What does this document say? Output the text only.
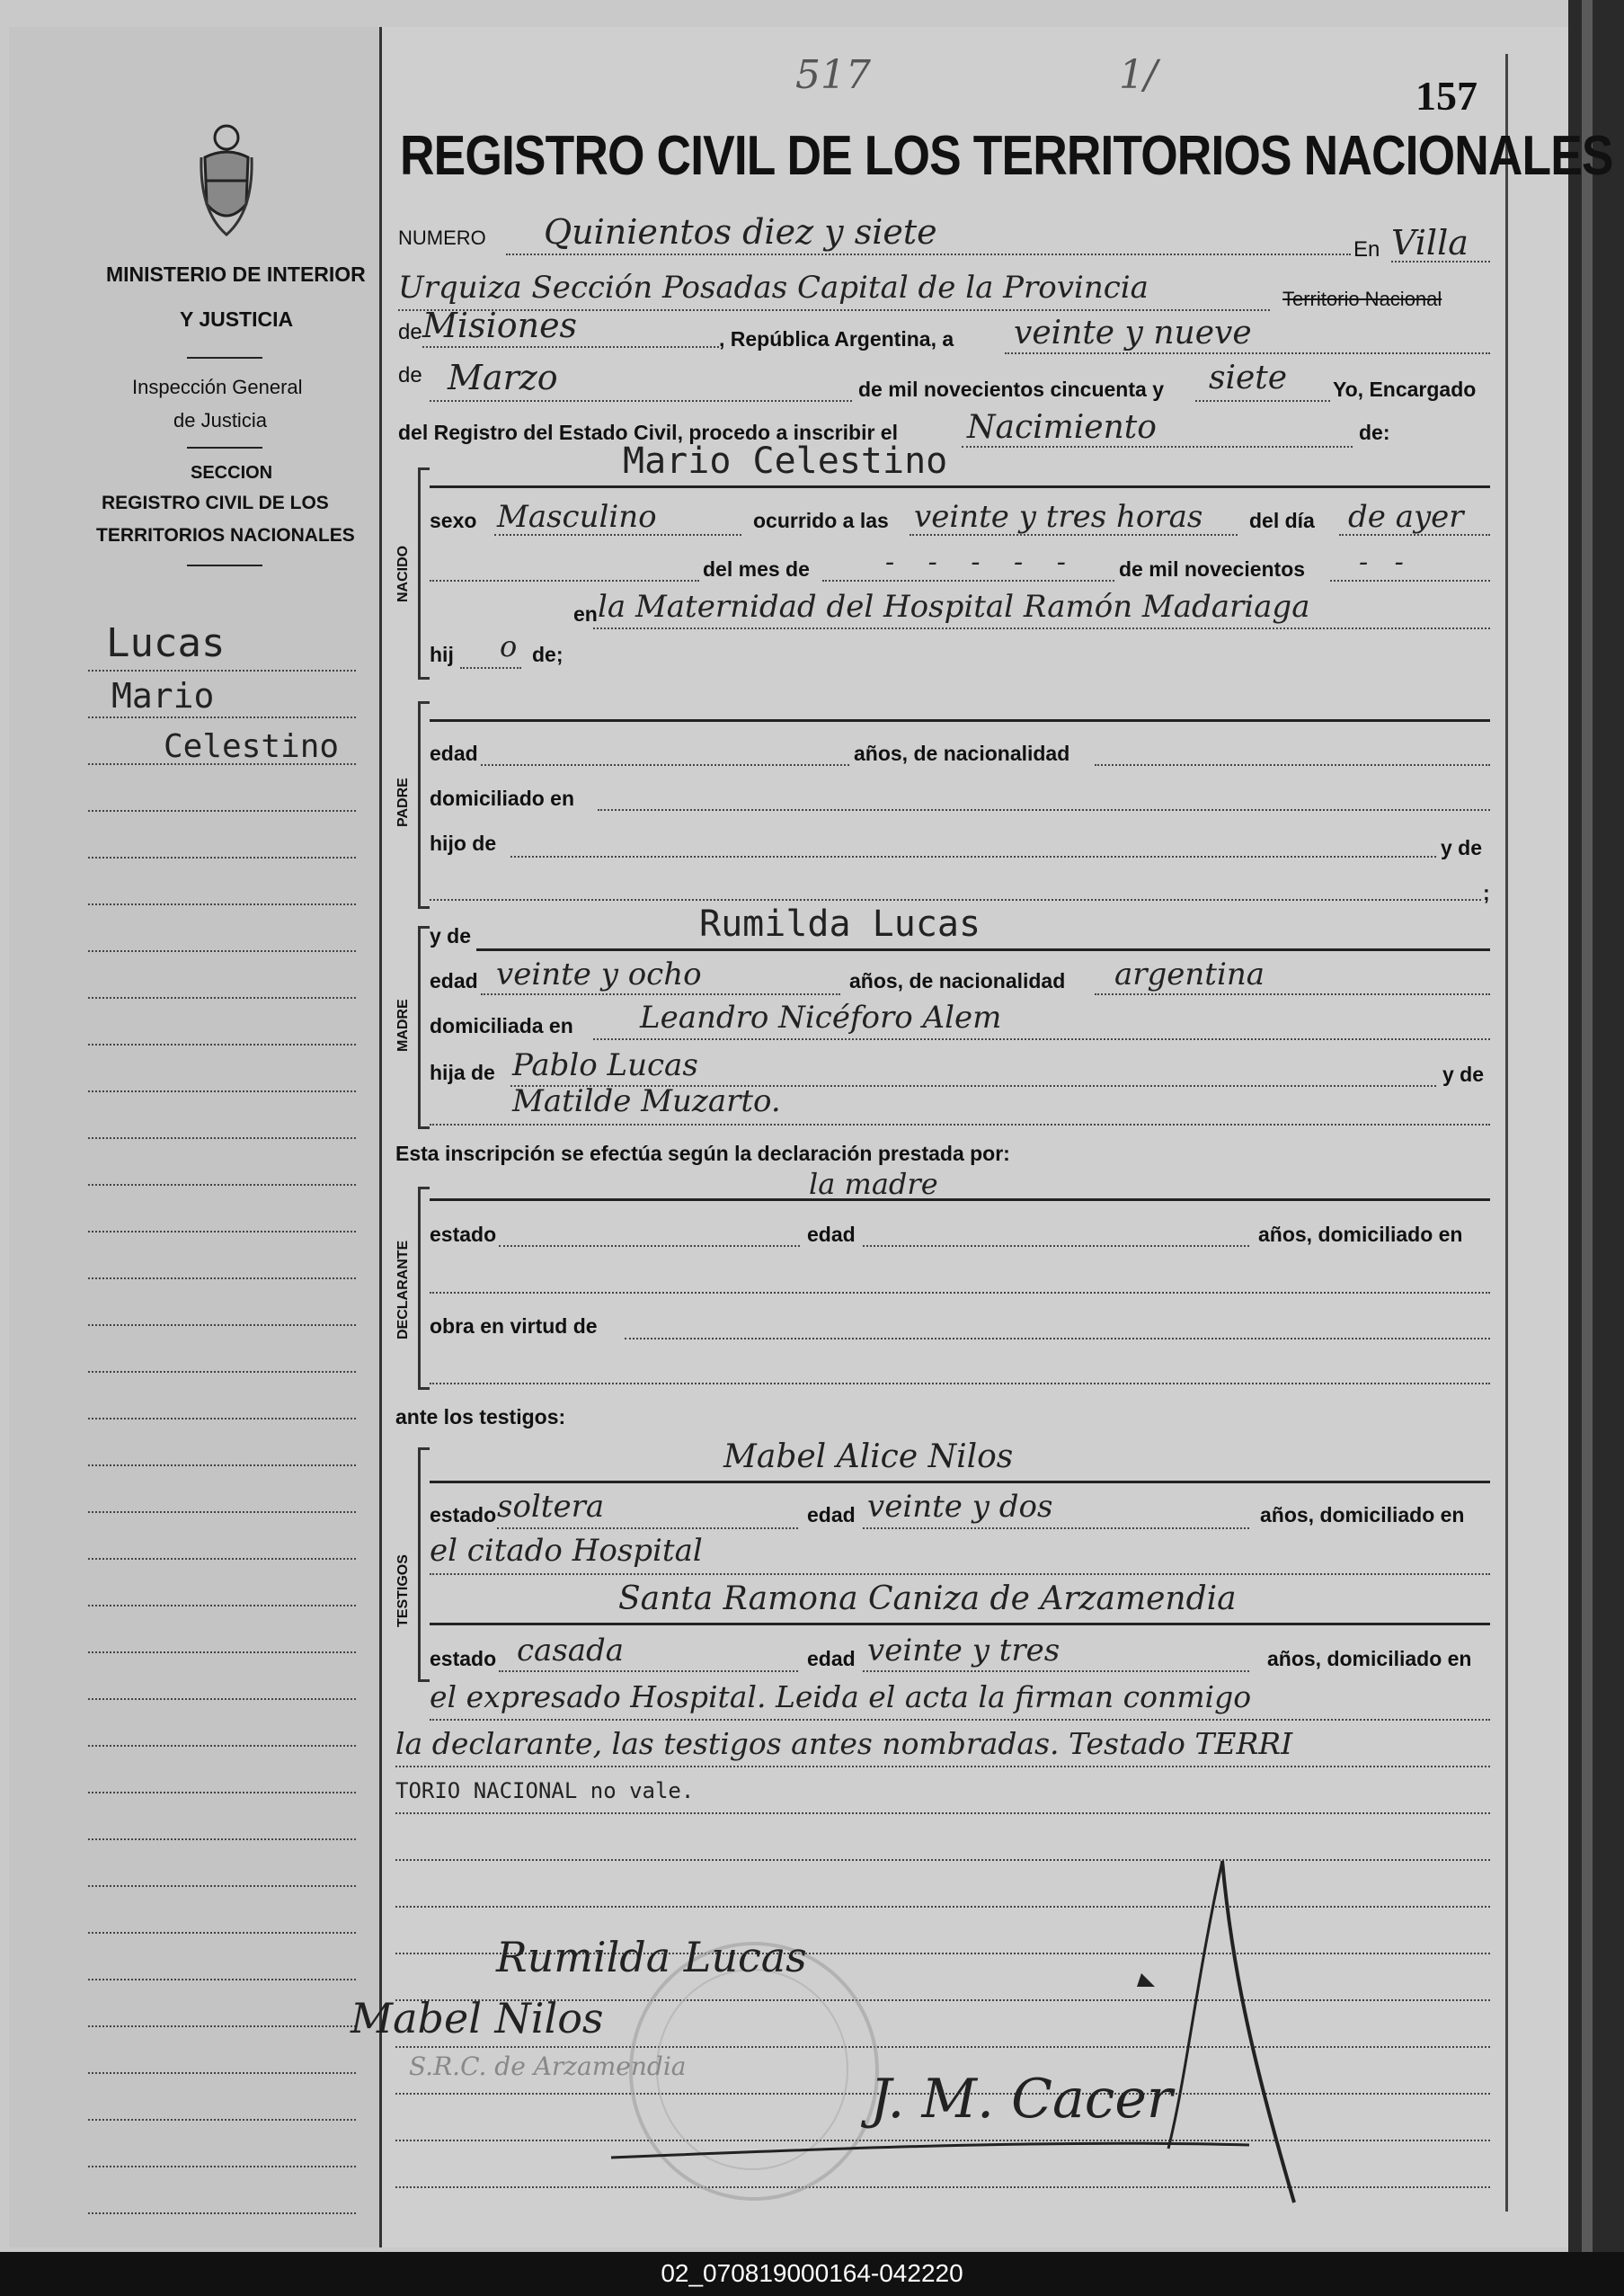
517	1/	157
MINISTERIO DE INTERIOR
Y JUSTICIA
Inspección General
de Justicia
SECCION
REGISTRO CIVIL DE LOS
TERRITORIOS NACIONALES
Lucas
Mario
Celestino
REGISTRO CIVIL DE LOS TERRITORIOS NACIONALES
NUMERO Quinientos diez y siete	En Villa
Urquiza Sección Posadas Capital de la Provincia	Territorio Nacional
de Misiones	, República Argentina, a veinte y nueve
de Marzo	de mil novecientos cincuenta y siete Yo, Encargado
del Registro del Estado Civil, procedo a inscribir el Nacimiento	de:
NACIDO
Mario Celestino
sexo Masculino	ocurrido a las veinte y tres horas del día de ayer
del mes de	- - - - - de mil novecientos - -
en la Maternidad del Hospital Ramón Madariaga
hij o de;
PADRE
edad	años, de nacionalidad
domiciliado en
hijo de	y de
;
MADRE
y de	Rumilda Lucas
edad veinte y ocho	años, de nacionalidad argentina
domiciliada en Leandro Nicéforo Alem
hija de Pablo Lucas	y de
Matilde Muzarto.
Esta inscripción se efectúa según la declaración prestada por:
la madre
DECLARANTE
estado	edad	años, domiciliado en
obra en virtud de
ante los testigos:
TESTIGOS
Mabel Alice Nilos
estado soltera	edad veinte y dos	años, domiciliado en
el citado Hospital
Santa Ramona Caniza de Arzamendia
estado casada	edad veinte y tres	años, domiciliado en
el expresado Hospital. Leida el acta la firman conmigo
la declarante, las testigos antes nombradas. Testado TERRI
TORIO NACIONAL no vale.
Rumilda Lucas
Mabel Nilos
S.R.C. de Arzamendia
J. M. Cacer
02_070819000164-042220
